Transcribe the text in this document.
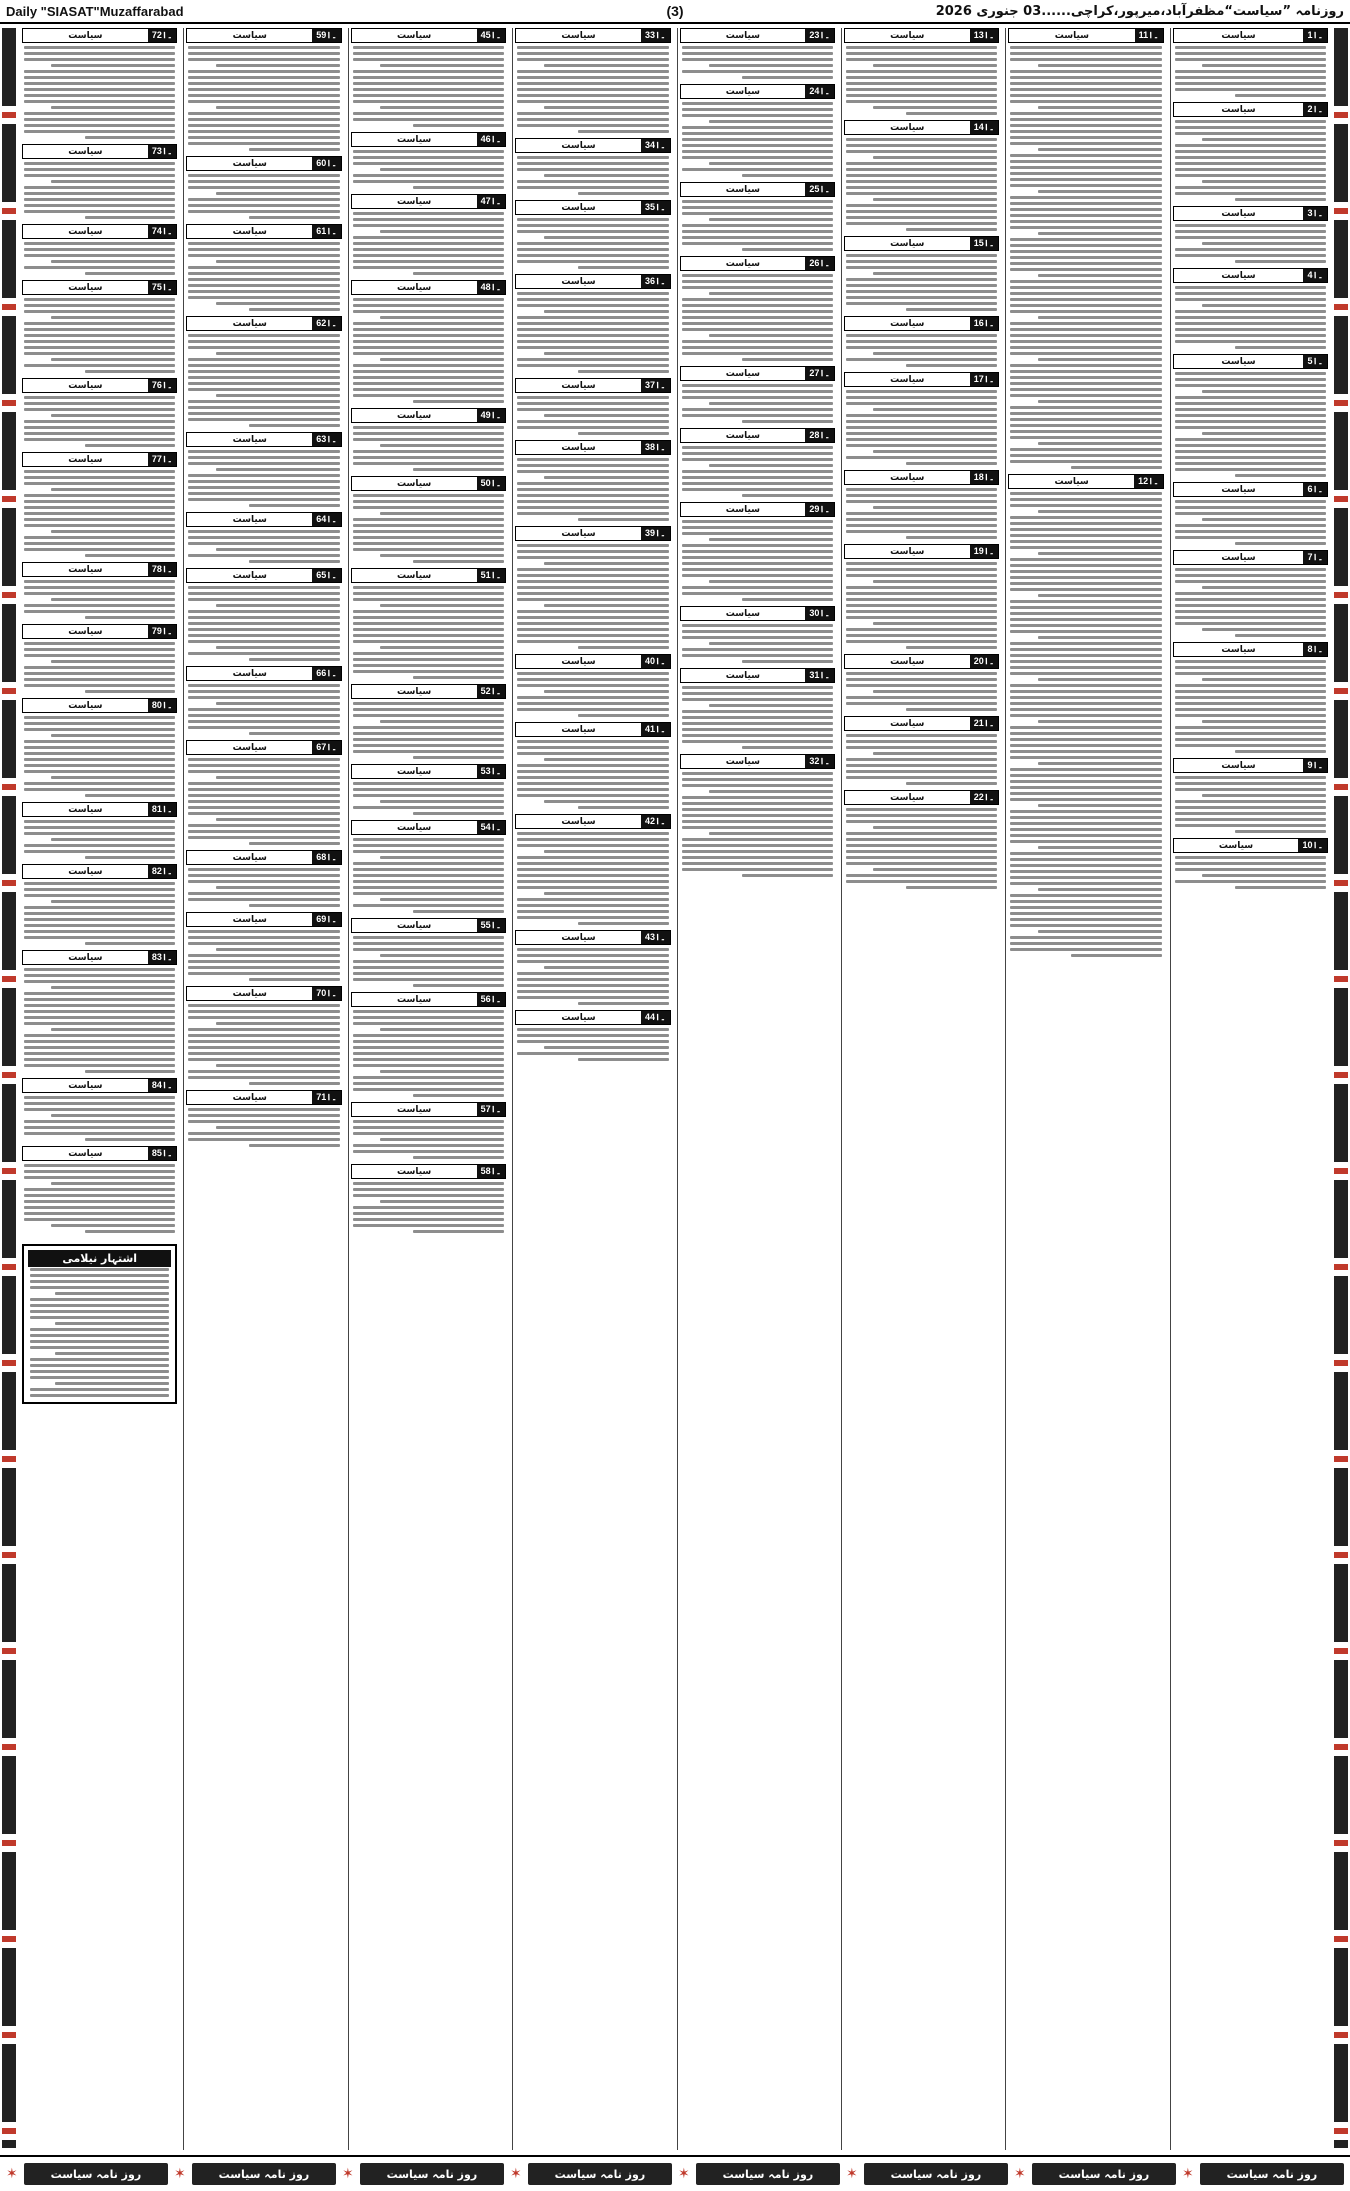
Daily "SIASAT"Muzaffarabad	(3)	روزنامہ ”سیاست“مظفرآباد،میرپور،کراچی......03 جنوری 2026
1۔ا
سیاست
2۔ا
سیاست
3۔ا
سیاست
4۔ا
سیاست
5۔ا
سیاست
6۔ا
سیاست
7۔ا
سیاست
8۔ا
سیاست
9۔ا
سیاست
10۔ا
سیاست
11۔ا
سیاست
12۔ا
سیاست
13۔ا
سیاست
14۔ا
سیاست
15۔ا
سیاست
16۔ا
سیاست
17۔ا
سیاست
18۔ا
سیاست
19۔ا
سیاست
20۔ا
سیاست
21۔ا
سیاست
22۔ا
سیاست
23۔ا
سیاست
24۔ا
سیاست
25۔ا
سیاست
26۔ا
سیاست
27۔ا
سیاست
28۔ا
سیاست
29۔ا
سیاست
30۔ا
سیاست
31۔ا
سیاست
32۔ا
سیاست
33۔ا
سیاست
34۔ا
سیاست
35۔ا
سیاست
36۔ا
سیاست
37۔ا
سیاست
38۔ا
سیاست
39۔ا
سیاست
40۔ا
سیاست
41۔ا
سیاست
42۔ا
سیاست
43۔ا
سیاست
44۔ا
سیاست
45۔ا
سیاست
46۔ا
سیاست
47۔ا
سیاست
48۔ا
سیاست
49۔ا
سیاست
50۔ا
سیاست
51۔ا
سیاست
52۔ا
سیاست
53۔ا
سیاست
54۔ا
سیاست
55۔ا
سیاست
56۔ا
سیاست
57۔ا
سیاست
58۔ا
سیاست
59۔ا
سیاست
60۔ا
سیاست
61۔ا
سیاست
62۔ا
سیاست
63۔ا
سیاست
64۔ا
سیاست
65۔ا
سیاست
66۔ا
سیاست
67۔ا
سیاست
68۔ا
سیاست
69۔ا
سیاست
70۔ا
سیاست
71۔ا
سیاست
72۔ا
سیاست
73۔ا
سیاست
74۔ا
سیاست
75۔ا
سیاست
76۔ا
سیاست
77۔ا
سیاست
78۔ا
سیاست
79۔ا
سیاست
80۔ا
سیاست
81۔ا
سیاست
82۔ا
سیاست
83۔ا
سیاست
84۔ا
سیاست
85۔ا
سیاست
اشتہار نیلامی
✶	روز نامہ سیاست	✶	روز نامہ سیاست	✶	روز نامہ سیاست	✶	روز نامہ سیاست	✶	روز نامہ سیاست	✶	روز نامہ سیاست	✶	روز نامہ سیاست	✶	روز نامہ سیاست
